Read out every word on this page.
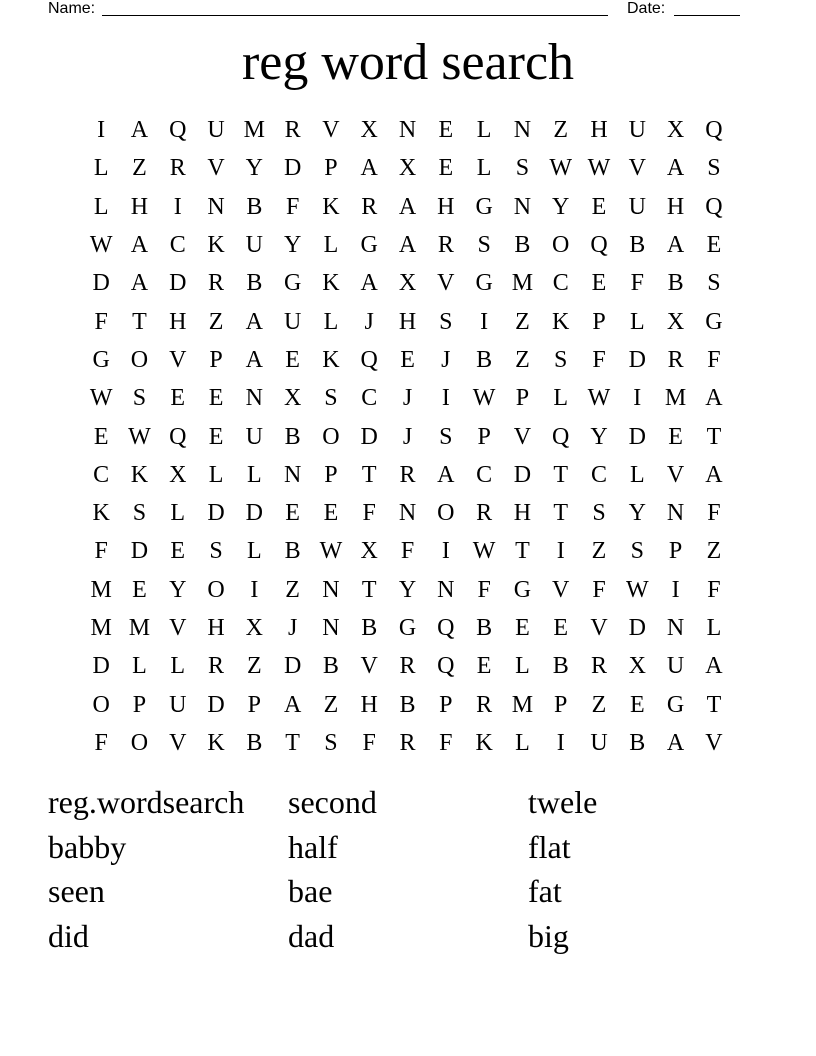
Name:	Date:
reg word search
I	A Q U M R V X N E L N Z H U X Q
L Z R V Y D P A X E L	S W W V A S
L H	I	N B F K R A H G N Y E U H Q
W A C K U Y L G A R S B O Q B A E
D A D R B G K A X V G M C E	F B S
F	T H Z A U L	J	H S	I	Z K P	L X G
G O V P A E K Q E	J	B Z	S	F D R F
W S	E E N X S C	J	I W P	L W I M A
E W Q E U B O D	J	S	P V Q Y D E T
C K X L L N P	T R A C D T C L V A
K S	L D D E E	F N O R H T	S Y N F
F D E	S	L B W X F	I W T	I	Z	S	P	Z
M E Y O	I	Z N T Y N F G V F W I	F
M M V H X	J	N B G Q B E E V D N L
D L L R Z D B V R Q E L B R X U A
O P U D P A Z H B P R M P	Z E G T
F O V K B T	S	F R F K L	I	U B A V
reg.wordsearch	second	twele
babby	half	flat
seen	bae	fat
did	dad	big
